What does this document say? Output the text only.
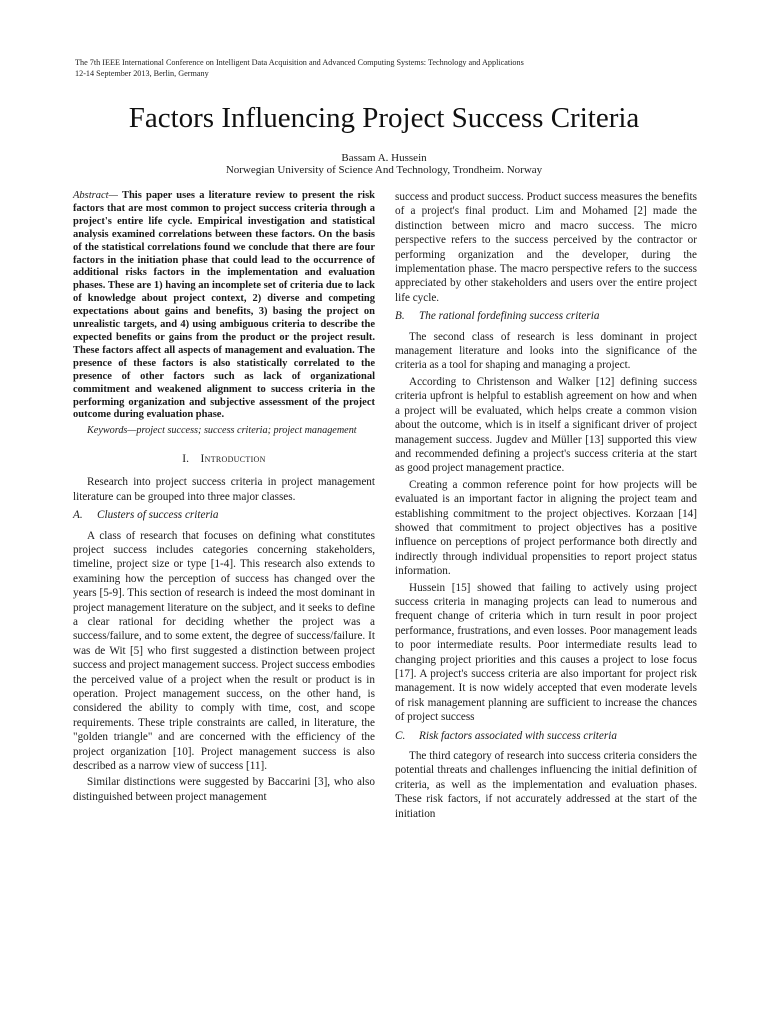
The 7th IEEE International Conference on Intelligent Data Acquisition and Advanced Computing Systems: Technology and Applications
12-14 September 2013, Berlin, Germany
Factors Influencing Project Success Criteria
Bassam A. Hussein
Norwegian University of Science And Technology, Trondheim. Norway

Abstract— This paper uses a literature review to present the risk factors that are most common to project success criteria through a project's entire life cycle. Empirical investigation and statistical analysis examined correlations between these factors. On the basis of the statistical correlations found we conclude that there are four factors in the initiation phase that could lead to the occurrence of additional risks factors in the implementation and evaluation phases. These are 1) having an incomplete set of criteria due to lack of knowledge about project context, 2) diverse and competing expectations about gains and benefits, 3) basing the project on unrealistic targets, and 4) using ambiguous criteria to describe the expected benefits or gains from the product or the project result. These factors affect all aspects of management and evaluation. The presence of these factors is also statistically correlated to the presence of other factors such as lack of organizational commitment and weakened alignment to success criteria in the performing organization and subjective assessment of the project outcome during evaluation phase.

Keywords—project success; success criteria; project management

I. Introduction

Research into project success criteria in project management literature can be grouped into three major classes.

A. Clusters of success criteria

A class of research that focuses on defining what constitutes project success includes categories concerning stakeholders, timeline, project size or type [1-4]. This research also extends to examining how the perception of success has changed over the years [5-9]. This section of research is indeed the most dominant in project management literature on the subject, and it seeks to define a clear rational for deciding whether the project was a success/failure, and to some extent, the degree of success/failure. It was de Wit [5] who first suggested a distinction between project success and project management success. Project success embodies the perceived value of a project when the result or product is in operation. Project management success, on the other hand, is considered the ability to comply with time, cost, and scope requirements. These triple constraints are called, in literature, the "golden triangle" and are concerned with the efficiency of the project organization [10]. Project management success is also described as a narrow view of success [11].

Similar distinctions were suggested by Baccarini [3], who also distinguished between project management

success and product success. Product success measures the benefits of a project's final product. Lim and Mohamed [2] made the distinction between micro and macro success. The micro perspective refers to the success perceived by the contractor or performing organization and the developer, during the implementation phase. The macro perspective refers to the success appreciated by other stakeholders and users over the entire project life cycle.

B. The rational fordefining success criteria

The second class of research is less dominant in project management literature and looks into the significance of the criteria as a tool for shaping and managing a project.

According to Christenson and Walker [12] defining success criteria upfront is helpful to establish agreement on how and when a project will be evaluated, which helps create a common vision about the outcome, which is in itself a significant driver of project management success. Jugdev and Müller [13] supported this view and recommended defining a project's success criteria at the start as good project management practice.

Creating a common reference point for how projects will be evaluated is an important factor in aligning the project team and establishing commitment to the project objectives. Korzaan [14] showed that commitment to project objectives has a positive influence on perceptions of project performance both directly and indirectly through individual propensities to report project status information.

Hussein [15] showed that failing to actively using project success criteria in managing projects can lead to numerous and frequent change of criteria which in turn result in poor project performance, frustrations, and even losses. Poor management leads to poor intermediate results. Poor intermediate results lead to changing project priorities and this causes a project to lose focus [17]. A project's success criteria are also important for project risk management. It is now widely accepted that even moderate levels of risk management planning are sufficient to increase the chances of project success

C. Risk factors associated with success criteria

The third category of research into success criteria considers the potential threats and challenges influencing the initial definition of criteria, as well as the implementation and evaluation phases. These risk factors, if not accurately addressed at the start of the initiation
